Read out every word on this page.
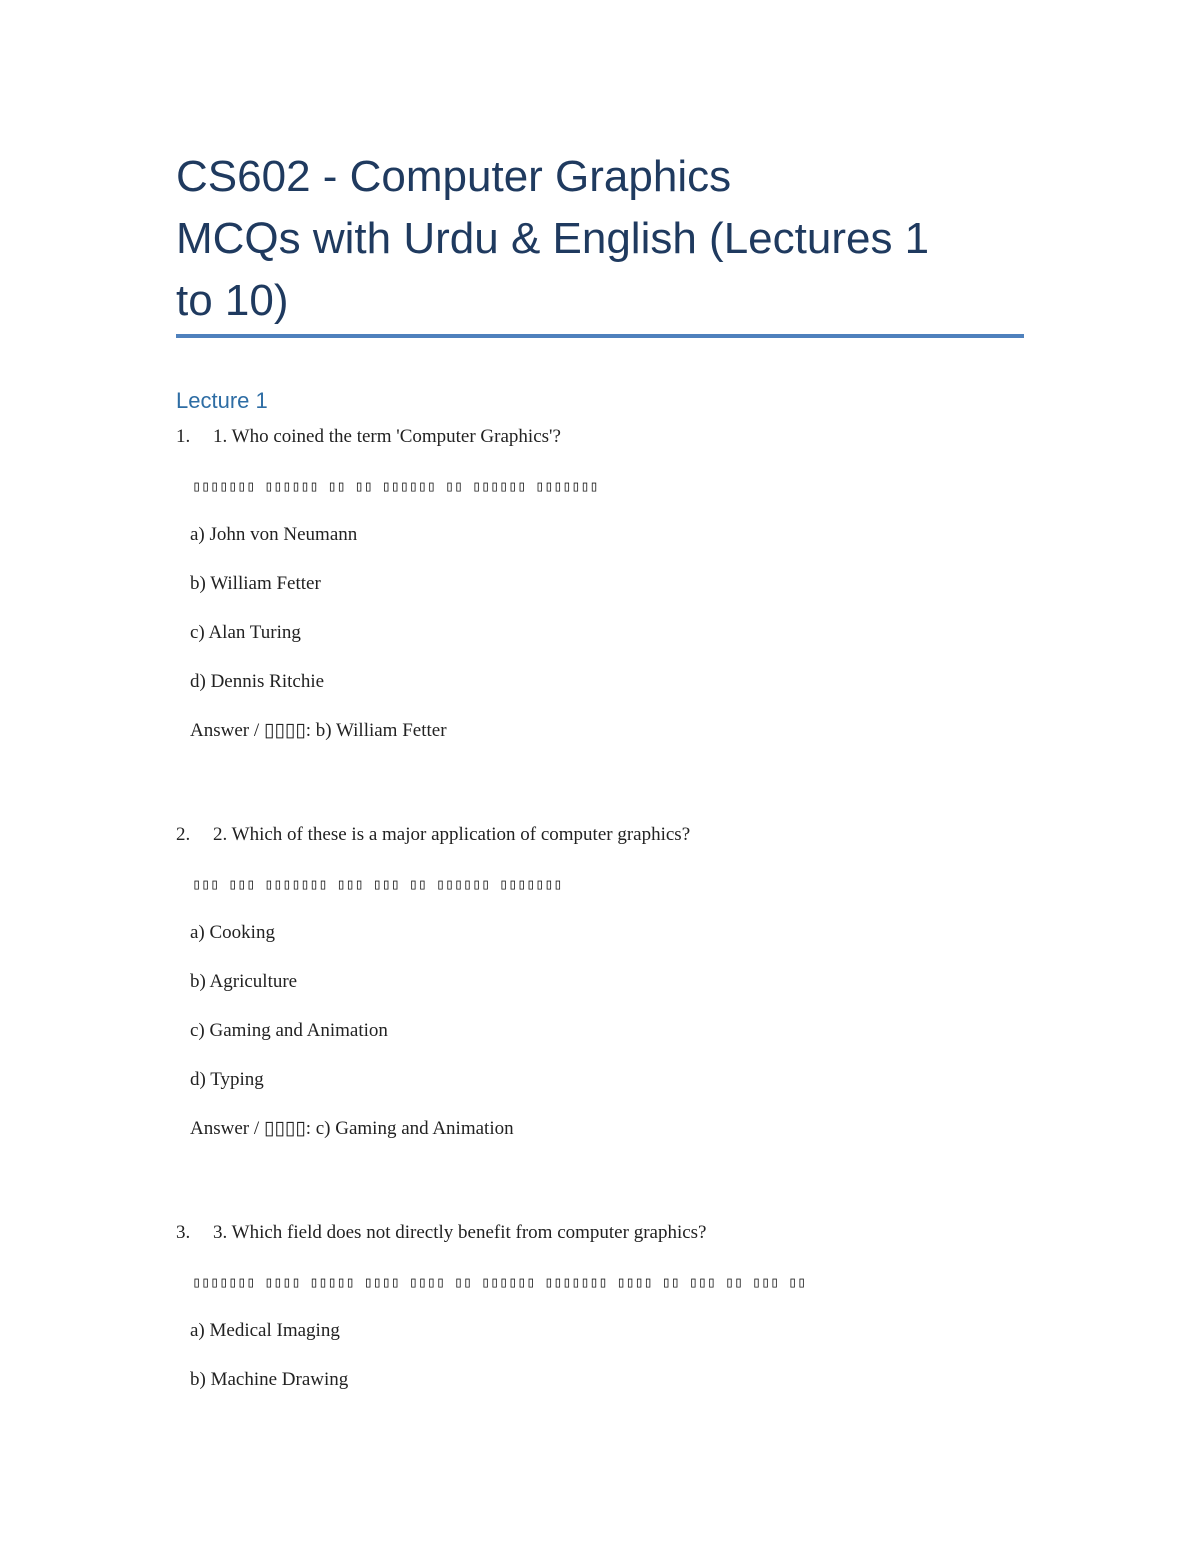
CS602 - Computer Graphics
MCQs with Urdu & English (Lectures 1
to 10)
Lecture 1
1. 1. Who coined the term 'Computer Graphics'?
▯▯▯▯▯▯▯ ▯▯▯▯▯▯ ▯▯ ▯▯ ▯▯▯▯▯▯ ▯▯ ▯▯▯▯▯▯ ▯▯▯▯▯▯▯
a) John von Neumann
b) William Fetter
c) Alan Turing
d) Dennis Ritchie
Answer / ▯▯▯▯: b) William Fetter
2. 2. Which of these is a major application of computer graphics?
▯▯▯ ▯▯▯ ▯▯▯▯▯▯▯ ▯▯▯ ▯▯▯ ▯▯ ▯▯▯▯▯▯ ▯▯▯▯▯▯▯
a) Cooking
b) Agriculture
c) Gaming and Animation
d) Typing
Answer / ▯▯▯▯: c) Gaming and Animation
3. 3. Which field does not directly benefit from computer graphics?
▯▯▯▯▯▯▯ ▯▯▯▯ ▯▯▯▯▯ ▯▯▯▯ ▯▯▯▯ ▯▯ ▯▯▯▯▯▯ ▯▯▯▯▯▯▯ ▯▯▯▯ ▯▯ ▯▯▯ ▯▯ ▯▯▯ ▯▯
a) Medical Imaging
b) Machine Drawing
